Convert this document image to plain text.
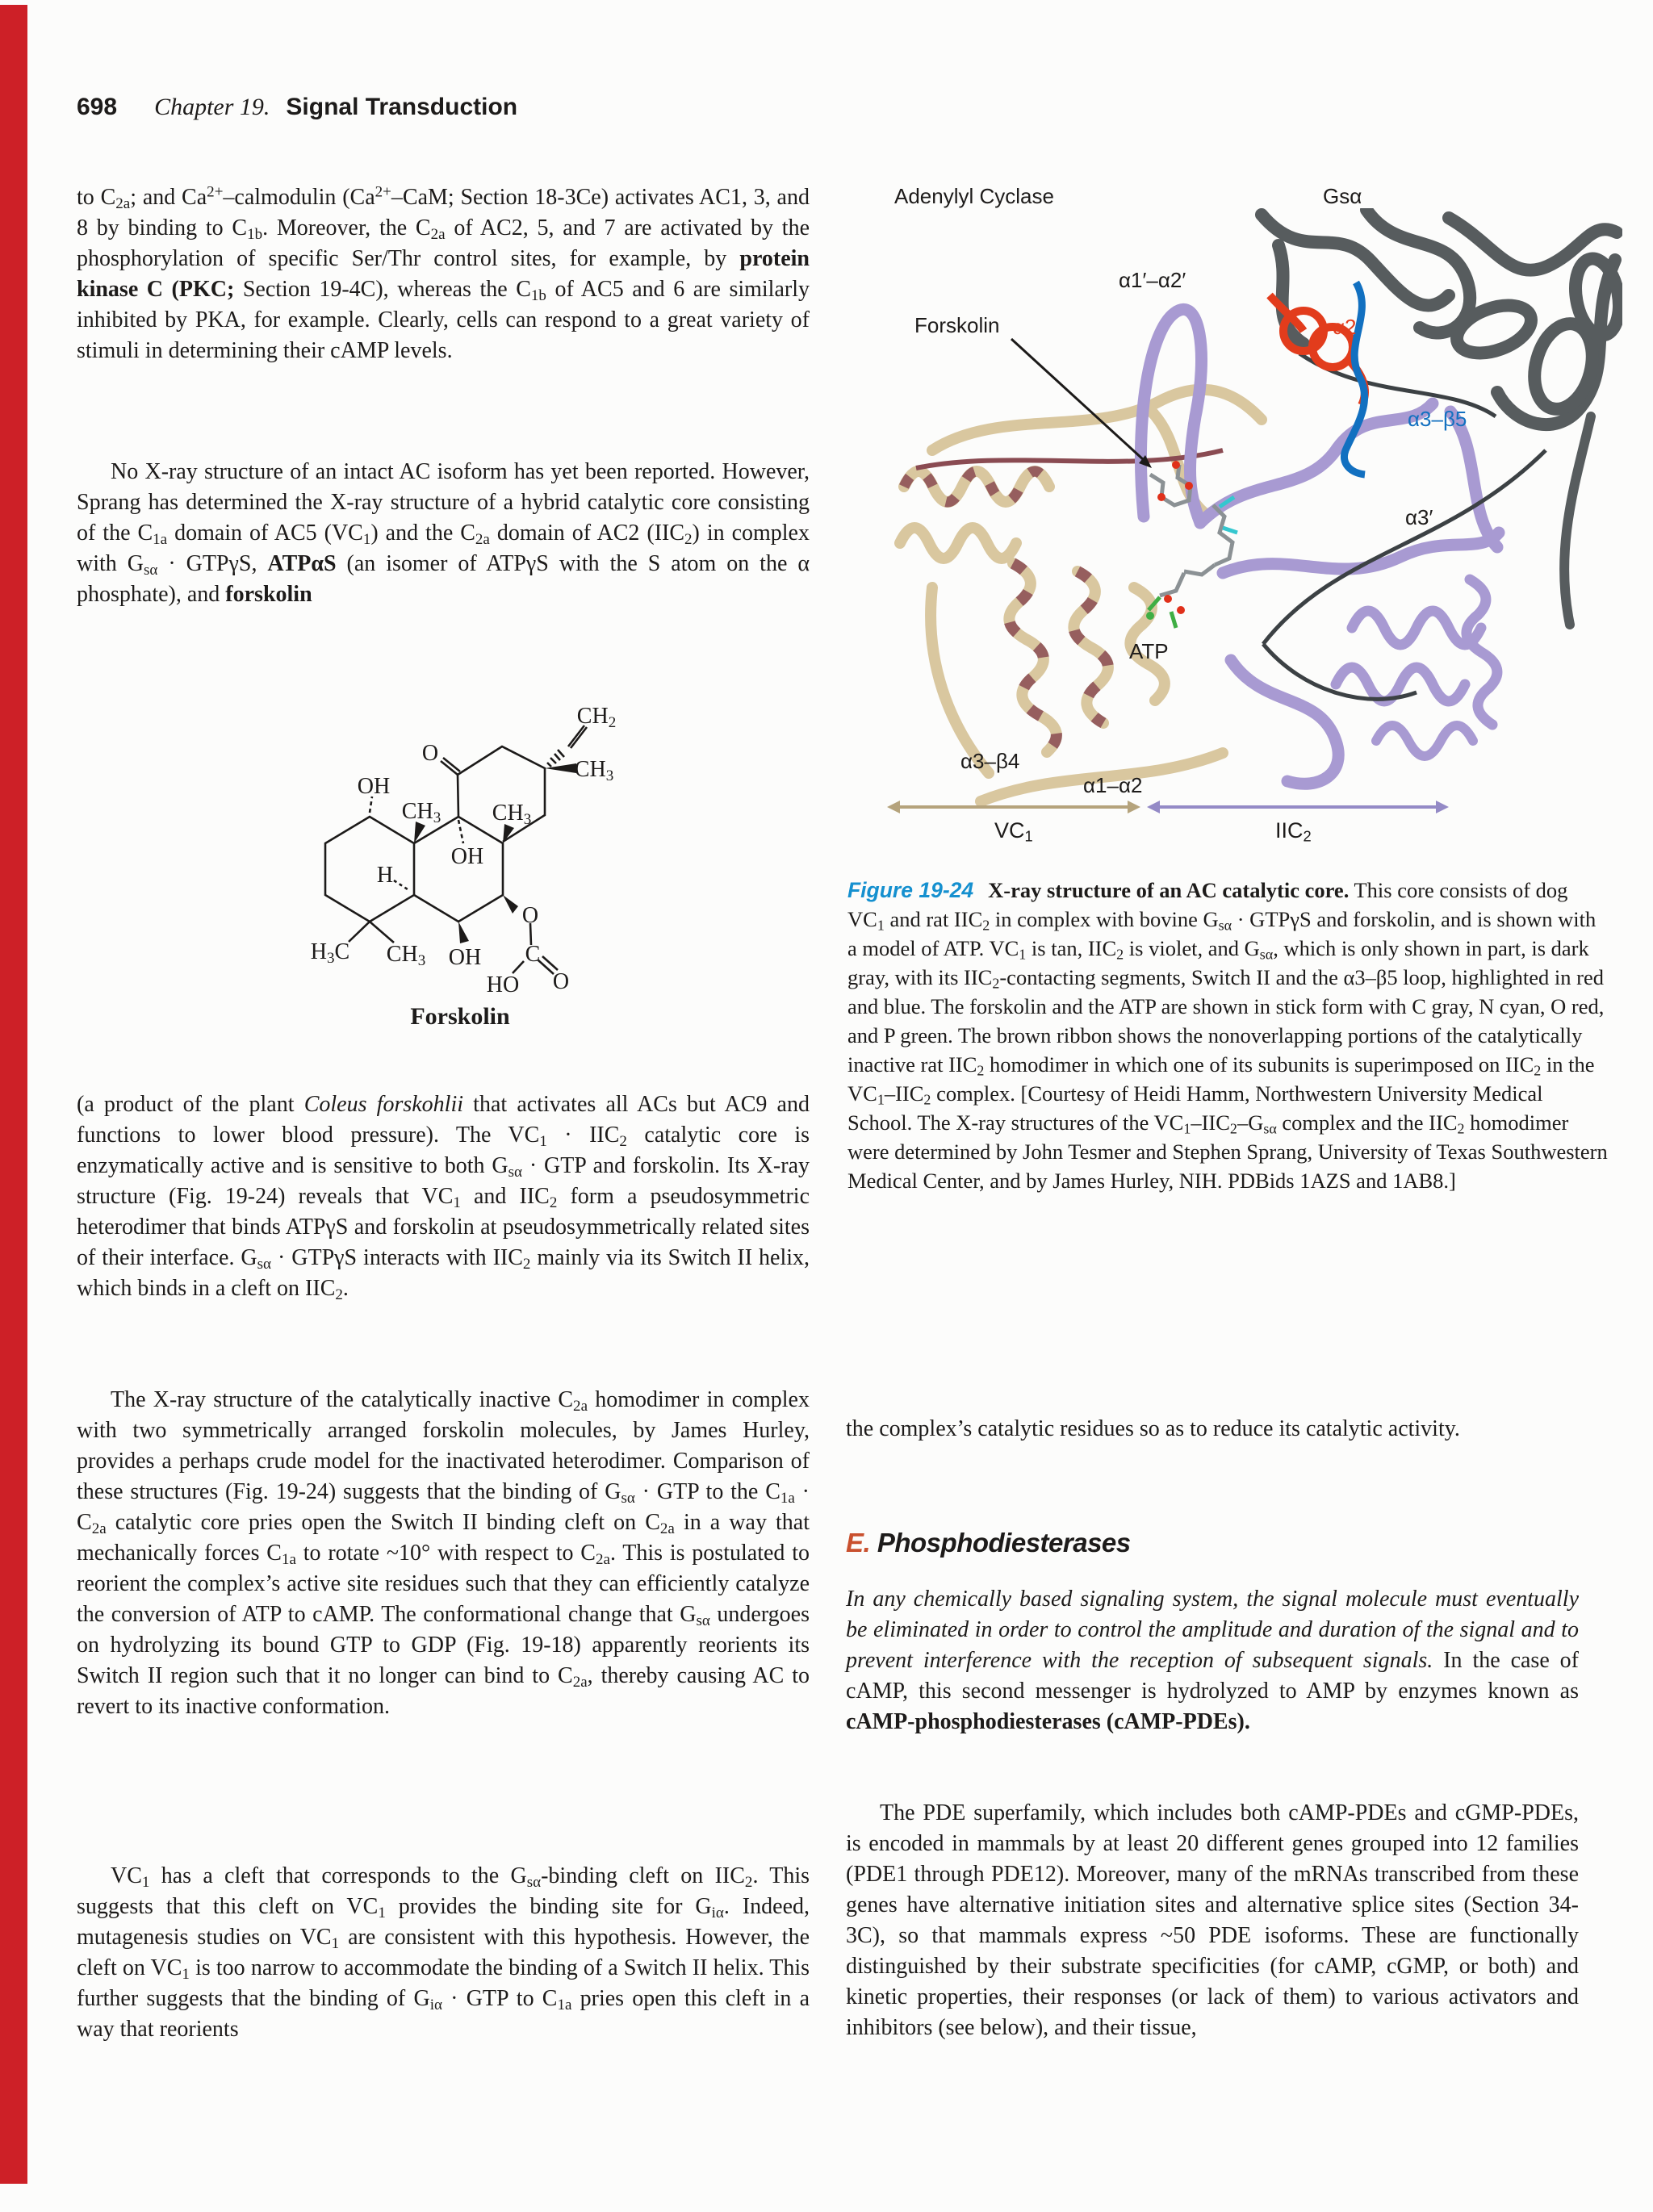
698 Chapter 19. Signal Transduction
to C2a; and $Ca^{2+}$–calmodulin ($Ca^{2+}$–CaM; Section 18-3Ce) activates AC1, 3, and 8 by binding to C1b. Moreover, the C2a of AC2, 5, and 7 are activated by the phosphorylation of specific Ser/Thr control sites, for example, by protein kinase C (PKC; Section 19-4C), whereas the C1b of AC5 and 6 are similarly inhibited by PKA, for example. Clearly, cells can respond to a great variety of stimuli in determining their cAMP levels.
No X-ray structure of an intact AC isoform has yet been reported. However, Sprang has determined the X-ray structure of a hybrid catalytic core consisting of the C1a domain of AC5 (VC1) and the C2a domain of AC2 (IIC2) in complex with Gsα · GTPγS, ATPαS (an isomer of ATPγS with the S atom on the α phosphate), and forskolin
OH
O
CH2
CH3
CH3 CH3
OH
H
H3C CH3 OH
O
C
O
HO
Forskolin
(a product of the plant Coleus forskohlii that activates all ACs but AC9 and functions to lower blood pressure). The VC1 · IIC2 catalytic core is enzymatically active and is sensitive to both Gsα · GTP and forskolin. Its X-ray structure (Fig. 19-24) reveals that VC1 and IIC2 form a pseudosymmetric heterodimer that binds ATPγS and forskolin at pseudosymmetrically related sites of their interface. Gsα · GTPγS interacts with IIC2 mainly via its Switch II helix, which binds in a cleft on IIC2.
The X-ray structure of the catalytically inactive C2a homodimer in complex with two symmetrically arranged forskolin molecules, by James Hurley, provides a perhaps crude model for the inactivated heterodimer. Comparison of these structures (Fig. 19-24) suggests that the binding of Gsα · GTP to the C1a · C2a catalytic core pries open the Switch II binding cleft on C2a in a way that mechanically forces C1a to rotate ~10° with respect to C2a. This is postulated to reorient the complex’s active site residues such that they can efficiently catalyze the conversion of ATP to cAMP. The conformational change that Gsα undergoes on hydrolyzing its bound GTP to GDP (Fig. 19-18) apparently reorients its Switch II region such that it no longer can bind to C2a, thereby causing AC to revert to its inactive conformation.
VC1 has a cleft that corresponds to the Gsα-binding cleft on IIC2. This suggests that this cleft on VC1 provides the binding site for Giα. Indeed, mutagenesis studies on VC1 are consistent with this hypothesis. However, the cleft on VC1 is too narrow to accommodate the binding of a Switch II helix. This further suggests that the binding of Giα · GTP to C1a pries open this cleft in a way that reorients
Adenylyl Cyclase	Gsα
α1′–α2′
Forskolin	α2
α3–β5
α3′
ATP
α3–β4
α1–α2
VC1	IIC2
Figure 19-24 X-ray structure of an AC catalytic core. This core consists of dog VC1 and rat IIC2 in complex with bovine Gsα · GTPγS and forskolin, and is shown with a model of ATP. VC1 is tan, IIC2 is violet, and Gsα, which is only shown in part, is dark gray, with its IIC2-contacting segments, Switch II and the α3–β5 loop, highlighted in red and blue. The forskolin and the ATP are shown in stick form with C gray, N cyan, O red, and P green. The brown ribbon shows the nonoverlapping portions of the catalytically inactive rat IIC2 homodimer in which one of its subunits is superimposed on IIC2 in the VC1–IIC2 complex. [Courtesy of Heidi Hamm, Northwestern University Medical School. The X-ray structures of the VC1–IIC2–Gsα complex and the IIC2 homodimer were determined by John Tesmer and Stephen Sprang, University of Texas Southwestern Medical Center, and by James Hurley, NIH. PDBids 1AZS and 1AB8.]
the complex’s catalytic residues so as to reduce its catalytic activity.
E. Phosphodiesterases
In any chemically based signaling system, the signal molecule must eventually be eliminated in order to control the amplitude and duration of the signal and to prevent interference with the reception of subsequent signals. In the case of cAMP, this second messenger is hydrolyzed to AMP by enzymes known as cAMP-phosphodiesterases (cAMP-PDEs).
The PDE superfamily, which includes both cAMP-PDEs and cGMP-PDEs, is encoded in mammals by at least 20 different genes grouped into 12 families (PDE1 through PDE12). Moreover, many of the mRNAs transcribed from these genes have alternative initiation sites and alternative splice sites (Section 34-3C), so that mammals express ~50 PDE isoforms. These are functionally distinguished by their substrate specificities (for cAMP, cGMP, or both) and kinetic properties, their responses (or lack of them) to various activators and inhibitors (see below), and their tissue,
